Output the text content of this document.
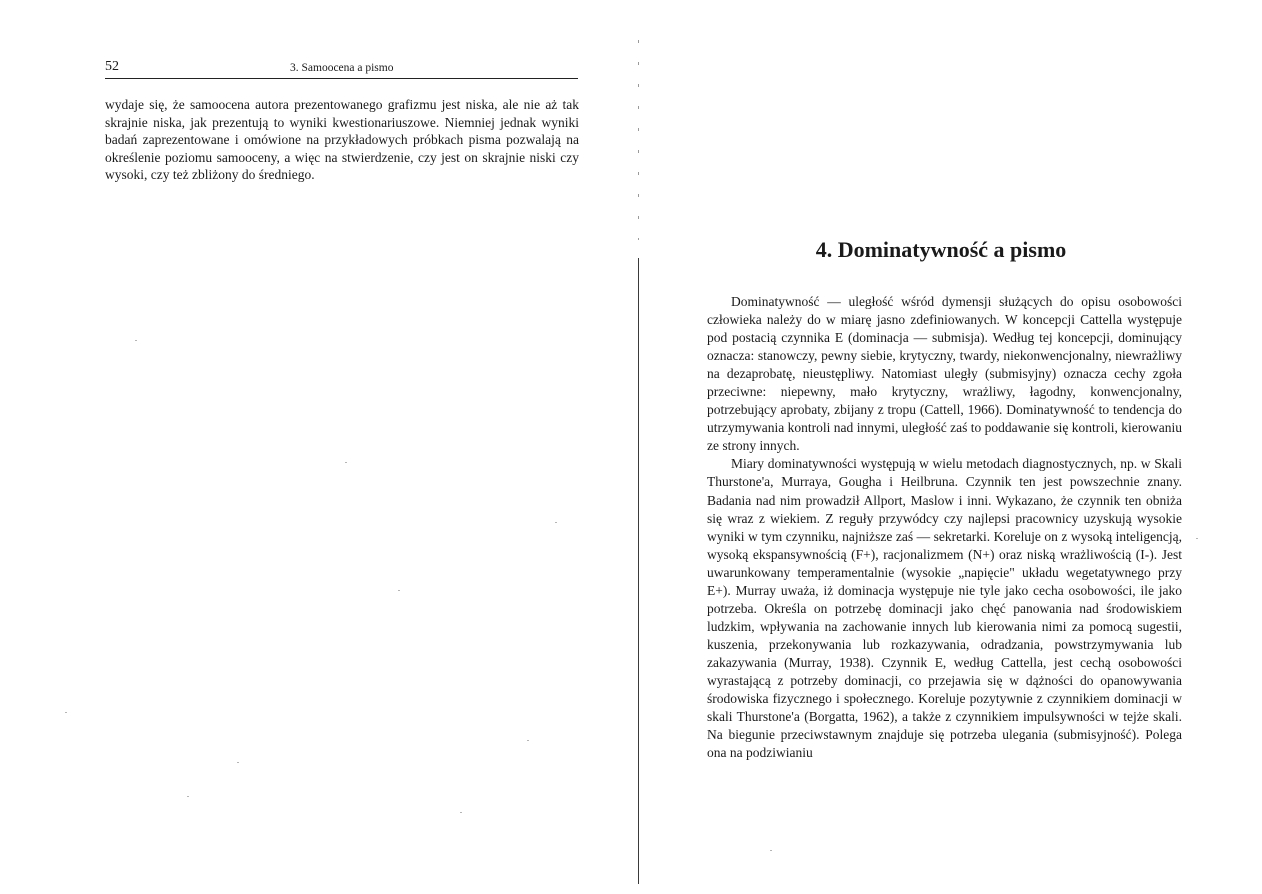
52	3. Samoocena a pismo

wydaje się, że samoocena autora prezentowanego grafizmu jest niska, ale nie aż tak skrajnie niska, jak prezentują to wyniki kwestionariuszowe. Niemniej jednak wyniki badań zaprezentowane i omówione na przykładowych próbkach pisma pozwalają na określenie poziomu samooceny, a więc na stwierdzenie, czy jest on skrajnie niski czy wysoki, czy też zbliżony do średniego.

4. Dominatywność a pismo

Dominatywność — uległość wśród dymensji służących do opisu osobowości człowieka należy do w miarę jasno zdefiniowanych. W koncepcji Cattella występuje pod postacią czynnika E (dominacja — submisja). Według tej koncepcji, dominujący oznacza: stanowczy, pewny siebie, krytyczny, twardy, niekonwencjonalny, niewrażliwy na dezaprobatę, nieustępliwy. Natomiast uległy (submisyjny) oznacza cechy zgoła przeciwne: niepewny, mało krytyczny, wrażliwy, łagodny, konwencjonalny, potrzebujący aprobaty, zbijany z tropu (Cattell, 1966). Dominatywność to tendencja do utrzymywania kontroli nad innymi, uległość zaś to poddawanie się kontroli, kierowaniu ze strony innych.

Miary dominatywności występują w wielu metodach diagnostycznych, np. w Skali Thurstone'a, Murraya, Gougha i Heilbruna. Czynnik ten jest powszechnie znany. Badania nad nim prowadził Allport, Maslow i inni. Wykazano, że czynnik ten obniża się wraz z wiekiem. Z reguły przywódcy czy najlepsi pracownicy uzyskują wysokie wyniki w tym czynniku, najniższe zaś — sekretarki. Koreluje on z wysoką inteligencją, wysoką ekspansywnością (F+), racjonalizmem (N+) oraz niską wrażliwością (I-). Jest uwarunkowany temperamentalnie (wysokie „napięcie" układu wegetatywnego przy E+). Murray uważa, iż dominacja występuje nie tyle jako cecha osobowości, ile jako potrzeba. Określa on potrzebę dominacji jako chęć panowania nad środowiskiem ludzkim, wpływania na zachowanie innych lub kierowania nimi za pomocą sugestii, kuszenia, przekonywania lub rozkazywania, odradzania, powstrzymywania lub zakazywania (Murray, 1938). Czynnik E, według Cattella, jest cechą osobowości wyrastającą z potrzeby dominacji, co przejawia się w dążności do opanowywania środowiska fizycznego i społecznego. Koreluje pozytywnie z czynnikiem dominacji w skali Thurstone'a (Borgatta, 1962), a także z czynnikiem impulsywności w tejże skali. Na biegunie przeciwstawnym znajduje się potrzeba ulegania (submisyjność). Polega ona na podziwianiu
